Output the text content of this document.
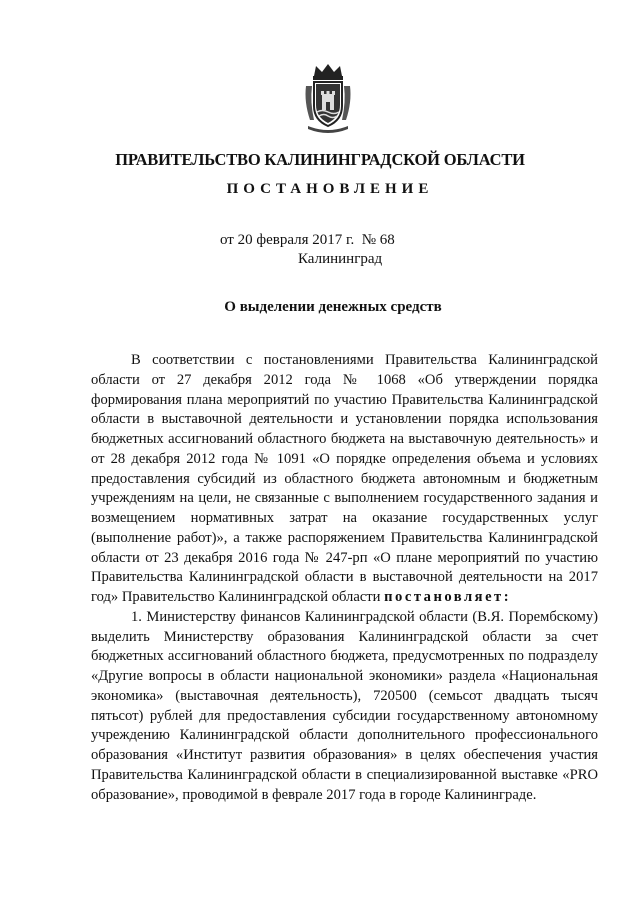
ПРАВИТЕЛЬСТВО КАЛИНИНГРАДСКОЙ ОБЛАСТИ
ПОСТАНОВЛЕНИЕ
от 20 февраля 2017 г.  № 68
Калининград
О выделении денежных средств

В соответствии с постановлениями Правительства Калининградской области от 27 декабря 2012 года № 1068 «Об утверждении порядка формирования плана мероприятий по участию Правительства Калининградской области в выставочной деятельности и установлении порядка использования бюджетных ассигнований областного бюджета на выставочную деятельность» и от 28 декабря 2012 года № 1091 «О порядке определения объема и условиях предоставления субсидий из областного бюджета автономным и бюджетным учреждениям на цели, не связанные с выполнением государственного задания и возмещением нормативных затрат на оказание государственных услуг (выполнение работ)», а также распоряжением Правительства Калининградской области от 23 декабря 2016 года № 247-рп «О плане мероприятий по участию Правительства Калининградской области в выставочной деятельности на 2017 год» Правительство Калининградской области постановляет:

1. Министерству финансов Калининградской области (В.Я. Порембскому) выделить Министерству образования Калининградской области за счет бюджетных ассигнований областного бюджета, предусмотренных по подразделу «Другие вопросы в области национальной экономики» раздела «Национальная экономика» (выставочная деятельность), 720500 (семьсот двадцать тысяч пятьсот) рублей для предоставления субсидии государственному автономному учреждению Калининградской области дополнительного профессионального образования «Институт развития образования» в целях обеспечения участия Правительства Калининградской области в специализированной выставке «PRO образование», проводимой в феврале 2017 года в городе Калининграде.
